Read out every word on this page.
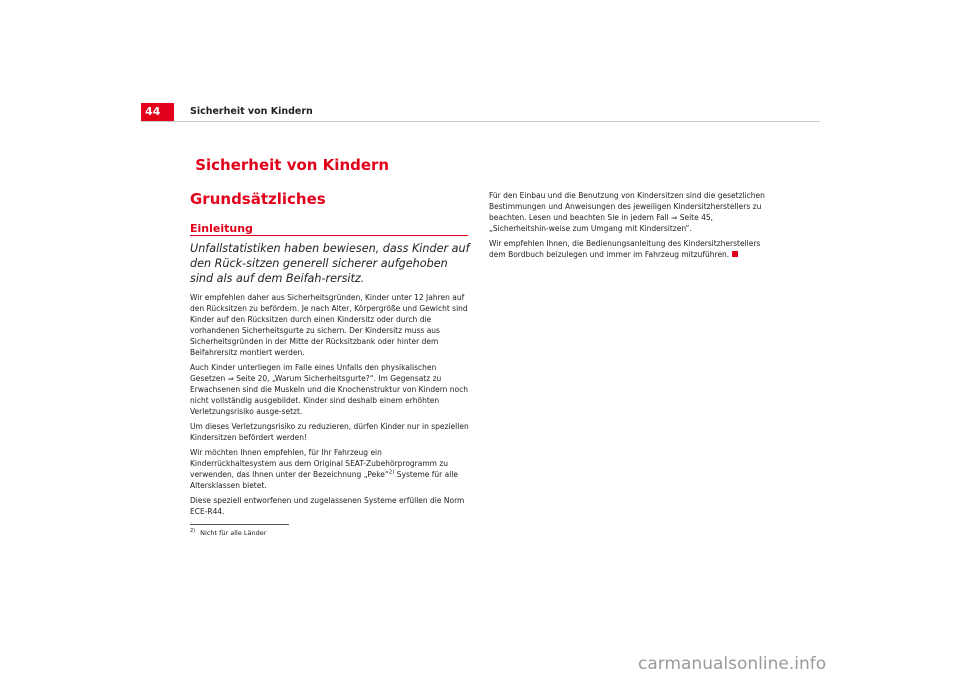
44	Sicherheit von Kindern
Sicherheit von Kindern
Grundsätzliches
Einleitung

Unfallstatistiken haben bewiesen, dass Kinder auf den Rück-sitzen generell sicherer aufgehoben sind als auf dem Beifah-rersitz.

Wir empfehlen daher aus Sicherheitsgründen, Kinder unter 12 Jahren auf den Rücksitzen zu befördern. Je nach Alter, Körpergröße und Gewicht sind Kinder auf den Rücksitzen durch einen Kindersitz oder durch die vorhandenen Sicherheitsgurte zu sichern. Der Kindersitz muss aus Sicherheitsgründen in der Mitte der Rücksitzbank oder hinter dem Beifahrersitz montiert werden.

Auch Kinder unterliegen im Falle eines Unfalls den physikalischen Gesetzen ⇒ Seite 20, „Warum Sicherheitsgurte?“. Im Gegensatz zu Erwachsenen sind die Muskeln und die Knochenstruktur von Kindern noch nicht vollständig ausgebildet. Kinder sind deshalb einem erhöhten Verletzungsrisiko ausge-setzt.

Um dieses Verletzungsrisiko zu reduzieren, dürfen Kinder nur in speziellen Kindersitzen befördert werden!

Wir möchten Ihnen empfehlen, für Ihr Fahrzeug ein Kinderrückhaltesystem aus dem Original SEAT-Zubehörprogramm zu verwenden, das Ihnen unter der Bezeichnung „Peke“$^{2)}$ Systeme für alle Altersklassen bietet.

Diese speziell entworfenen und zugelassenen Systeme erfüllen die Norm ECE-R44.

Für den Einbau und die Benutzung von Kindersitzen sind die gesetzlichen Bestimmungen und Anweisungen des jeweiligen Kindersitzherstellers zu beachten. Lesen und beachten Sie in jedem Fall ⇒ Seite 45, „Sicherheitshin-weise zum Umgang mit Kindersitzen“.

Wir empfehlen Ihnen, die Bedienungsanleitung des Kindersitzherstellers dem Bordbuch beizulegen und immer im Fahrzeug mitzuführen.

$^{2)}$ Nicht für alle Länder
carmanualsonline.info
